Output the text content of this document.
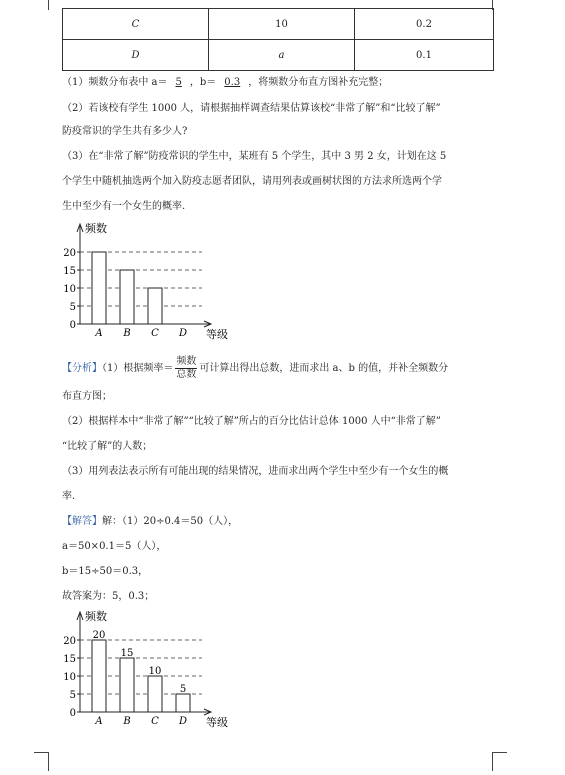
C	10	0.2
D	a	0.1
（1）频数分布表中 a＝ 5 ，b＝ 0.3 ，将频数分布直方图补充完整；
（2）若该校有学生 1000 人，请根据抽样调查结果估算该校“非常了解”和“比较了解”
防疫常识的学生共有多少人?
（3）在“非常了解”防疫常识的学生中，某班有 5 个学生，其中 3 男 2 女，计划在这 5
个学生中随机抽选两个加入防疫志愿者团队，请用列表或画树状图的方法求所选两个学
生中至少有一个女生的概率.
频数
等级
0
5
10
15
20
A B C D
【分析】（1）根据频率＝ $\frac{\text{频数}}{\text{总数}}$ 可计算出得出总数，进而求出 a、b 的值，并补全频数分
布直方图；
（2）根据样本中“非常了解”“比较了解”所占的百分比估计总体 1000 人中“非常了解”
“比较了解”的人数；
（3）用列表法表示所有可能出现的结果情况，进而求出两个学生中至少有一个女生的概
率.
【解答】解：（1）20÷0.4＝50（人），
a＝50×0.1＝5（人），
b＝15÷50＝0.3，
故答案为：5，0.3；
频数
等级
0
5
10
15
20
20
A
15
B
10
C
5
D
